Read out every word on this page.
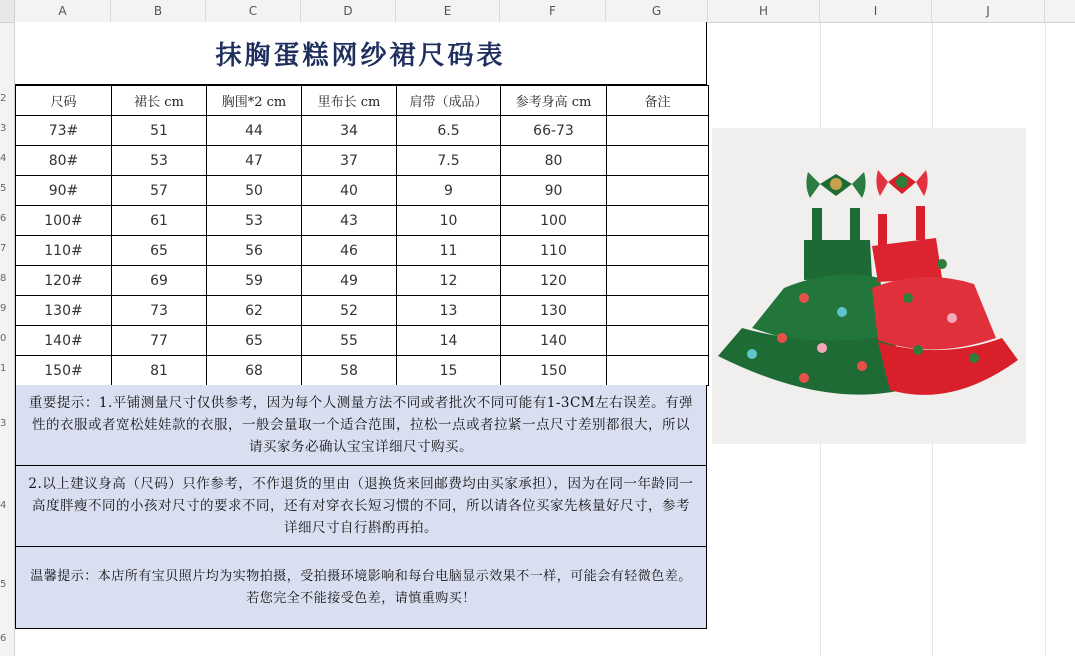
A	B	C	D	E	F	G	H	I	J
2
3
4
5
6
7
8
9
0
1
3
4
5
6
抹胸蛋糕网纱裙尺码表
尺码	裙长 cm	胸围*2 cm	里布长 cm	肩带（成品）	参考身高 cm	备注
73#	51	44	34	6.5	66-73	
80#	53	47	37	7.5	80	
90#	57	50	40	9	90	
100#	61	53	43	10	100	
110#	65	56	46	11	110	
120#	69	59	49	12	120	
130#	73	62	52	13	130	
140#	77	65	55	14	140	
150#	81	68	58	15	150	
重要提示：1.平铺测量尺寸仅供参考，因为每个人测量方法不同或者批次不同可能有1-3CM左右误差。有弹性的衣服或者宽松娃娃款的衣服，一般会量取一个适合范围，拉松一点或者拉紧一点尺寸差别都很大，所以请买家务必确认宝宝详细尺寸购买。
2.以上建议身高（尺码）只作参考，不作退货的里由（退换货来回邮费均由买家承担），因为在同一年龄同一高度胖瘦不同的小孩对尺寸的要求不同，还有对穿衣长短习惯的不同，所以请各位买家先核量好尺寸，参考详细尺寸自行斟酌再拍。
温馨提示：本店所有宝贝照片均为实物拍摄，受拍摄环境影响和每台电脑显示效果不一样，可能会有轻微色差。若您完全不能接受色差，请慎重购买！
